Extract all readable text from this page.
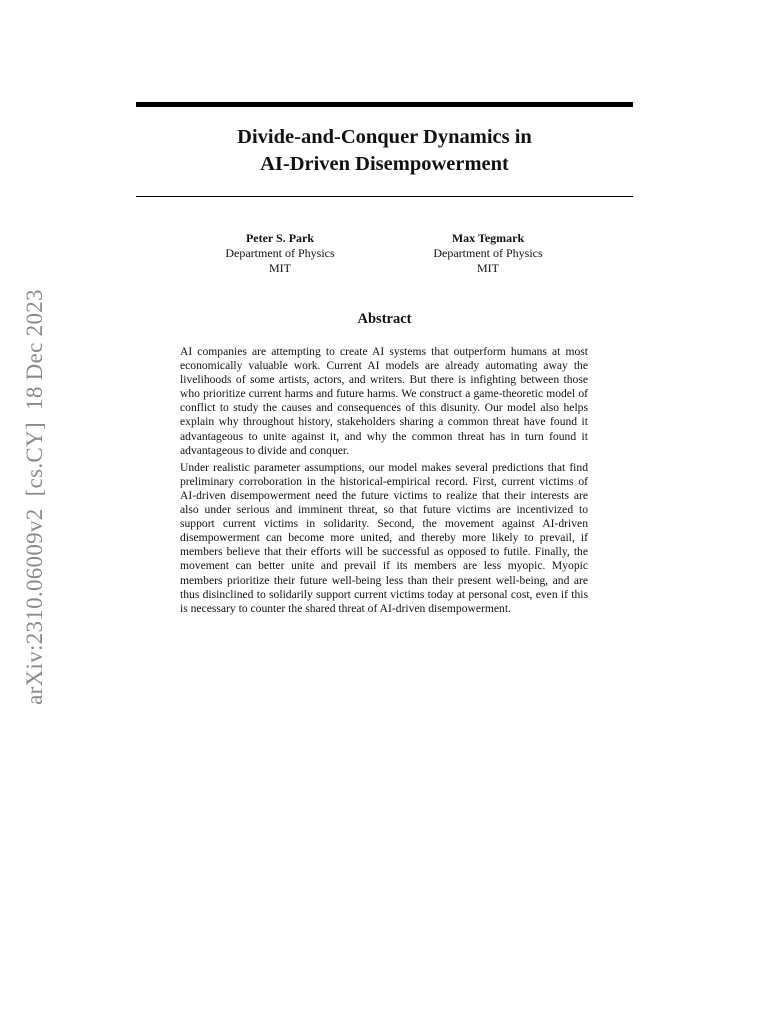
Divide-and-Conquer Dynamics in
AI-Driven Disempowerment
Peter S. Park
Department of Physics
MIT
Max Tegmark
Department of Physics
MIT
Abstract

AI companies are attempting to create AI systems that outperform humans at most economically valuable work. Current AI models are already automating away the livelihoods of some artists, actors, and writers. But there is infighting between those who prioritize current harms and future harms. We construct a game-theoretic model of conflict to study the causes and consequences of this disunity. Our model also helps explain why throughout history, stakeholders sharing a common threat have found it advantageous to unite against it, and why the common threat has in turn found it advantageous to divide and conquer.

Under realistic parameter assumptions, our model makes several predictions that find preliminary corroboration in the historical-empirical record. First, current victims of AI-driven disempowerment need the future victims to realize that their interests are also under serious and imminent threat, so that future victims are incentivized to support current victims in solidarity. Second, the movement against AI-driven disempowerment can become more united, and thereby more likely to prevail, if members believe that their efforts will be successful as opposed to futile. Finally, the movement can better unite and prevail if its members are less myopic. Myopic members prioritize their future well-being less than their present well-being, and are thus disinclined to solidarily support current victims today at personal cost, even if this is necessary to counter the shared threat of AI-driven disempowerment.

arXiv:2310.06009v2  [cs.CY]  18 Dec 2023
